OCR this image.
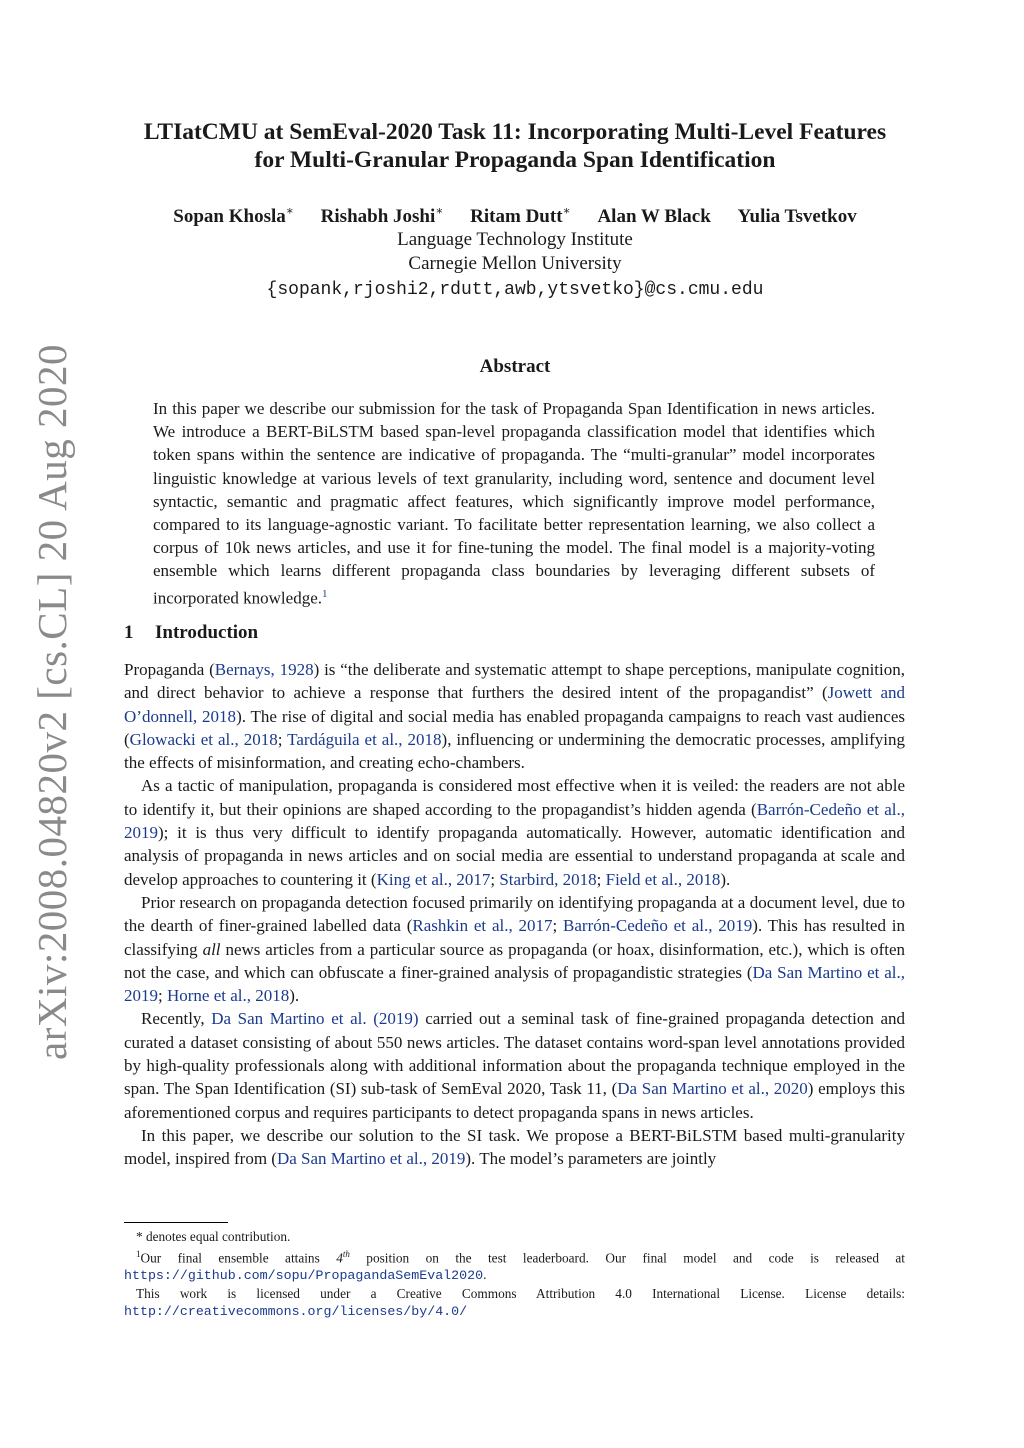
arXiv:2008.04820v2 [cs.CL] 20 Aug 2020
LTIatCMU at SemEval-2020 Task 11: Incorporating Multi-Level Features
for Multi-Granular Propaganda Span Identification
Sopan Khosla∗ Rishabh Joshi∗ Ritam Dutt∗ Alan W Black Yulia Tsvetkov
Language Technology Institute
Carnegie Mellon University
{sopank,rjoshi2,rdutt,awb,ytsvetko}@cs.cmu.edu
Abstract
In this paper we describe our submission for the task of Propaganda Span Identification in news articles. We introduce a BERT-BiLSTM based span-level propaganda classification model that identifies which token spans within the sentence are indicative of propaganda. The “multi-granular” model incorporates linguistic knowledge at various levels of text granularity, including word, sentence and document level syntactic, semantic and pragmatic affect features, which significantly improve model performance, compared to its language-agnostic variant. To facilitate better representation learning, we also collect a corpus of 10k news articles, and use it for fine-tuning the model. The final model is a majority-voting ensemble which learns different propaganda class boundaries by leveraging different subsets of incorporated knowledge.$^1$
1 Introduction

Propaganda (Bernays, 1928) is “the deliberate and systematic attempt to shape perceptions, manipulate cognition, and direct behavior to achieve a response that furthers the desired intent of the propagandist” (Jowett and O’donnell, 2018). The rise of digital and social media has enabled propaganda campaigns to reach vast audiences (Glowacki et al., 2018; Tardáguila et al., 2018), influencing or undermining the democratic processes, amplifying the effects of misinformation, and creating echo-chambers.

As a tactic of manipulation, propaganda is considered most effective when it is veiled: the readers are not able to identify it, but their opinions are shaped according to the propagandist’s hidden agenda (Barrón-Cedeño et al., 2019); it is thus very difficult to identify propaganda automatically. However, automatic identification and analysis of propaganda in news articles and on social media are essential to understand propaganda at scale and develop approaches to countering it (King et al., 2017; Starbird, 2018; Field et al., 2018).

Prior research on propaganda detection focused primarily on identifying propaganda at a document level, due to the dearth of finer-grained labelled data (Rashkin et al., 2017; Barrón-Cedeño et al., 2019). This has resulted in classifying all news articles from a particular source as propaganda (or hoax, disinformation, etc.), which is often not the case, and which can obfuscate a finer-grained analysis of propagandistic strategies (Da San Martino et al., 2019; Horne et al., 2018).

Recently, Da San Martino et al. (2019) carried out a seminal task of fine-grained propaganda detection and curated a dataset consisting of about 550 news articles. The dataset contains word-span level annotations provided by high-quality professionals along with additional information about the propaganda technique employed in the span. The Span Identification (SI) sub-task of SemEval 2020, Task 11, (Da San Martino et al., 2020) employs this aforementioned corpus and requires participants to detect propaganda spans in news articles.

In this paper, we describe our solution to the SI task. We propose a BERT-BiLSTM based multi-granularity model, inspired from (Da San Martino et al., 2019). The model’s parameters are jointly

* denotes equal contribution.

$^1$Our final ensemble attains 4th position on the test leaderboard. Our final model and code is released at https://github.com/sopu/PropagandaSemEval2020.

This work is licensed under a Creative Commons Attribution 4.0 International License. License details: http://creativecommons.org/licenses/by/4.0/
